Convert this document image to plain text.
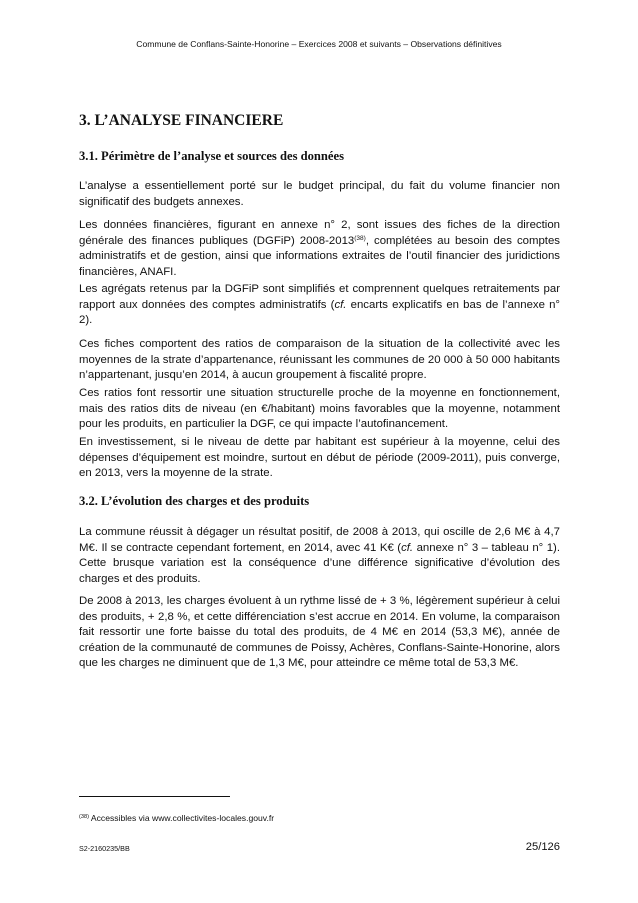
Commune de Conflans-Sainte-Honorine – Exercices 2008 et suivants – Observations définitives
3. L’ANALYSE FINANCIERE
3.1. Périmètre de l’analyse et sources des données

L’analyse a essentiellement porté sur le budget principal, du fait du volume financier non significatif des budgets annexes.

Les données financières, figurant en annexe n° 2, sont issues des fiches de la direction générale des finances publiques (DGFiP) 2008-2013$^{(38)}$, complétées au besoin des comptes administratifs et de gestion, ainsi que informations extraites de l’outil financier des juridictions financières, ANAFI.

Les agrégats retenus par la DGFiP sont simplifiés et comprennent quelques retraitements par rapport aux données des comptes administratifs (cf. encarts explicatifs en bas de l’annexe n° 2).

Ces fiches comportent des ratios de comparaison de la situation de la collectivité avec les moyennes de la strate d’appartenance, réunissant les communes de 20 000 à 50 000 habitants n’appartenant, jusqu’en 2014, à aucun groupement à fiscalité propre.

Ces ratios font ressortir une situation structurelle proche de la moyenne en fonctionnement, mais des ratios dits de niveau (en €/habitant) moins favorables que la moyenne, notamment pour les produits, en particulier la DGF, ce qui impacte l’autofinancement.

En investissement, si le niveau de dette par habitant est supérieur à la moyenne, celui des dépenses d’équipement est moindre, surtout en début de période (2009-2011), puis converge, en 2013, vers la moyenne de la strate.

3.2. L’évolution des charges et des produits

La commune réussit à dégager un résultat positif, de 2008 à 2013, qui oscille de 2,6 M€ à 4,7 M€. Il se contracte cependant fortement, en 2014, avec 41 K€ (cf. annexe n° 3 – tableau n° 1). Cette brusque variation est la conséquence d’une différence significative d’évolution des charges et des produits.

De 2008 à 2013, les charges évoluent à un rythme lissé de + 3 %, légèrement supérieur à celui des produits, + 2,8 %, et cette différenciation s’est accrue en 2014. En volume, la comparaison fait ressortir une forte baisse du total des produits, de 4 M€ en 2014 (53,3 M€), année de création de la communauté de communes de Poissy, Achères, Conflans-Sainte-Honorine, alors que les charges ne diminuent que de 1,3 M€, pour atteindre ce même total de 53,3 M€.

$^{(38)}$ Accessibles via www.collectivites-locales.gouv.fr
S2-2160235/BB	25/126
